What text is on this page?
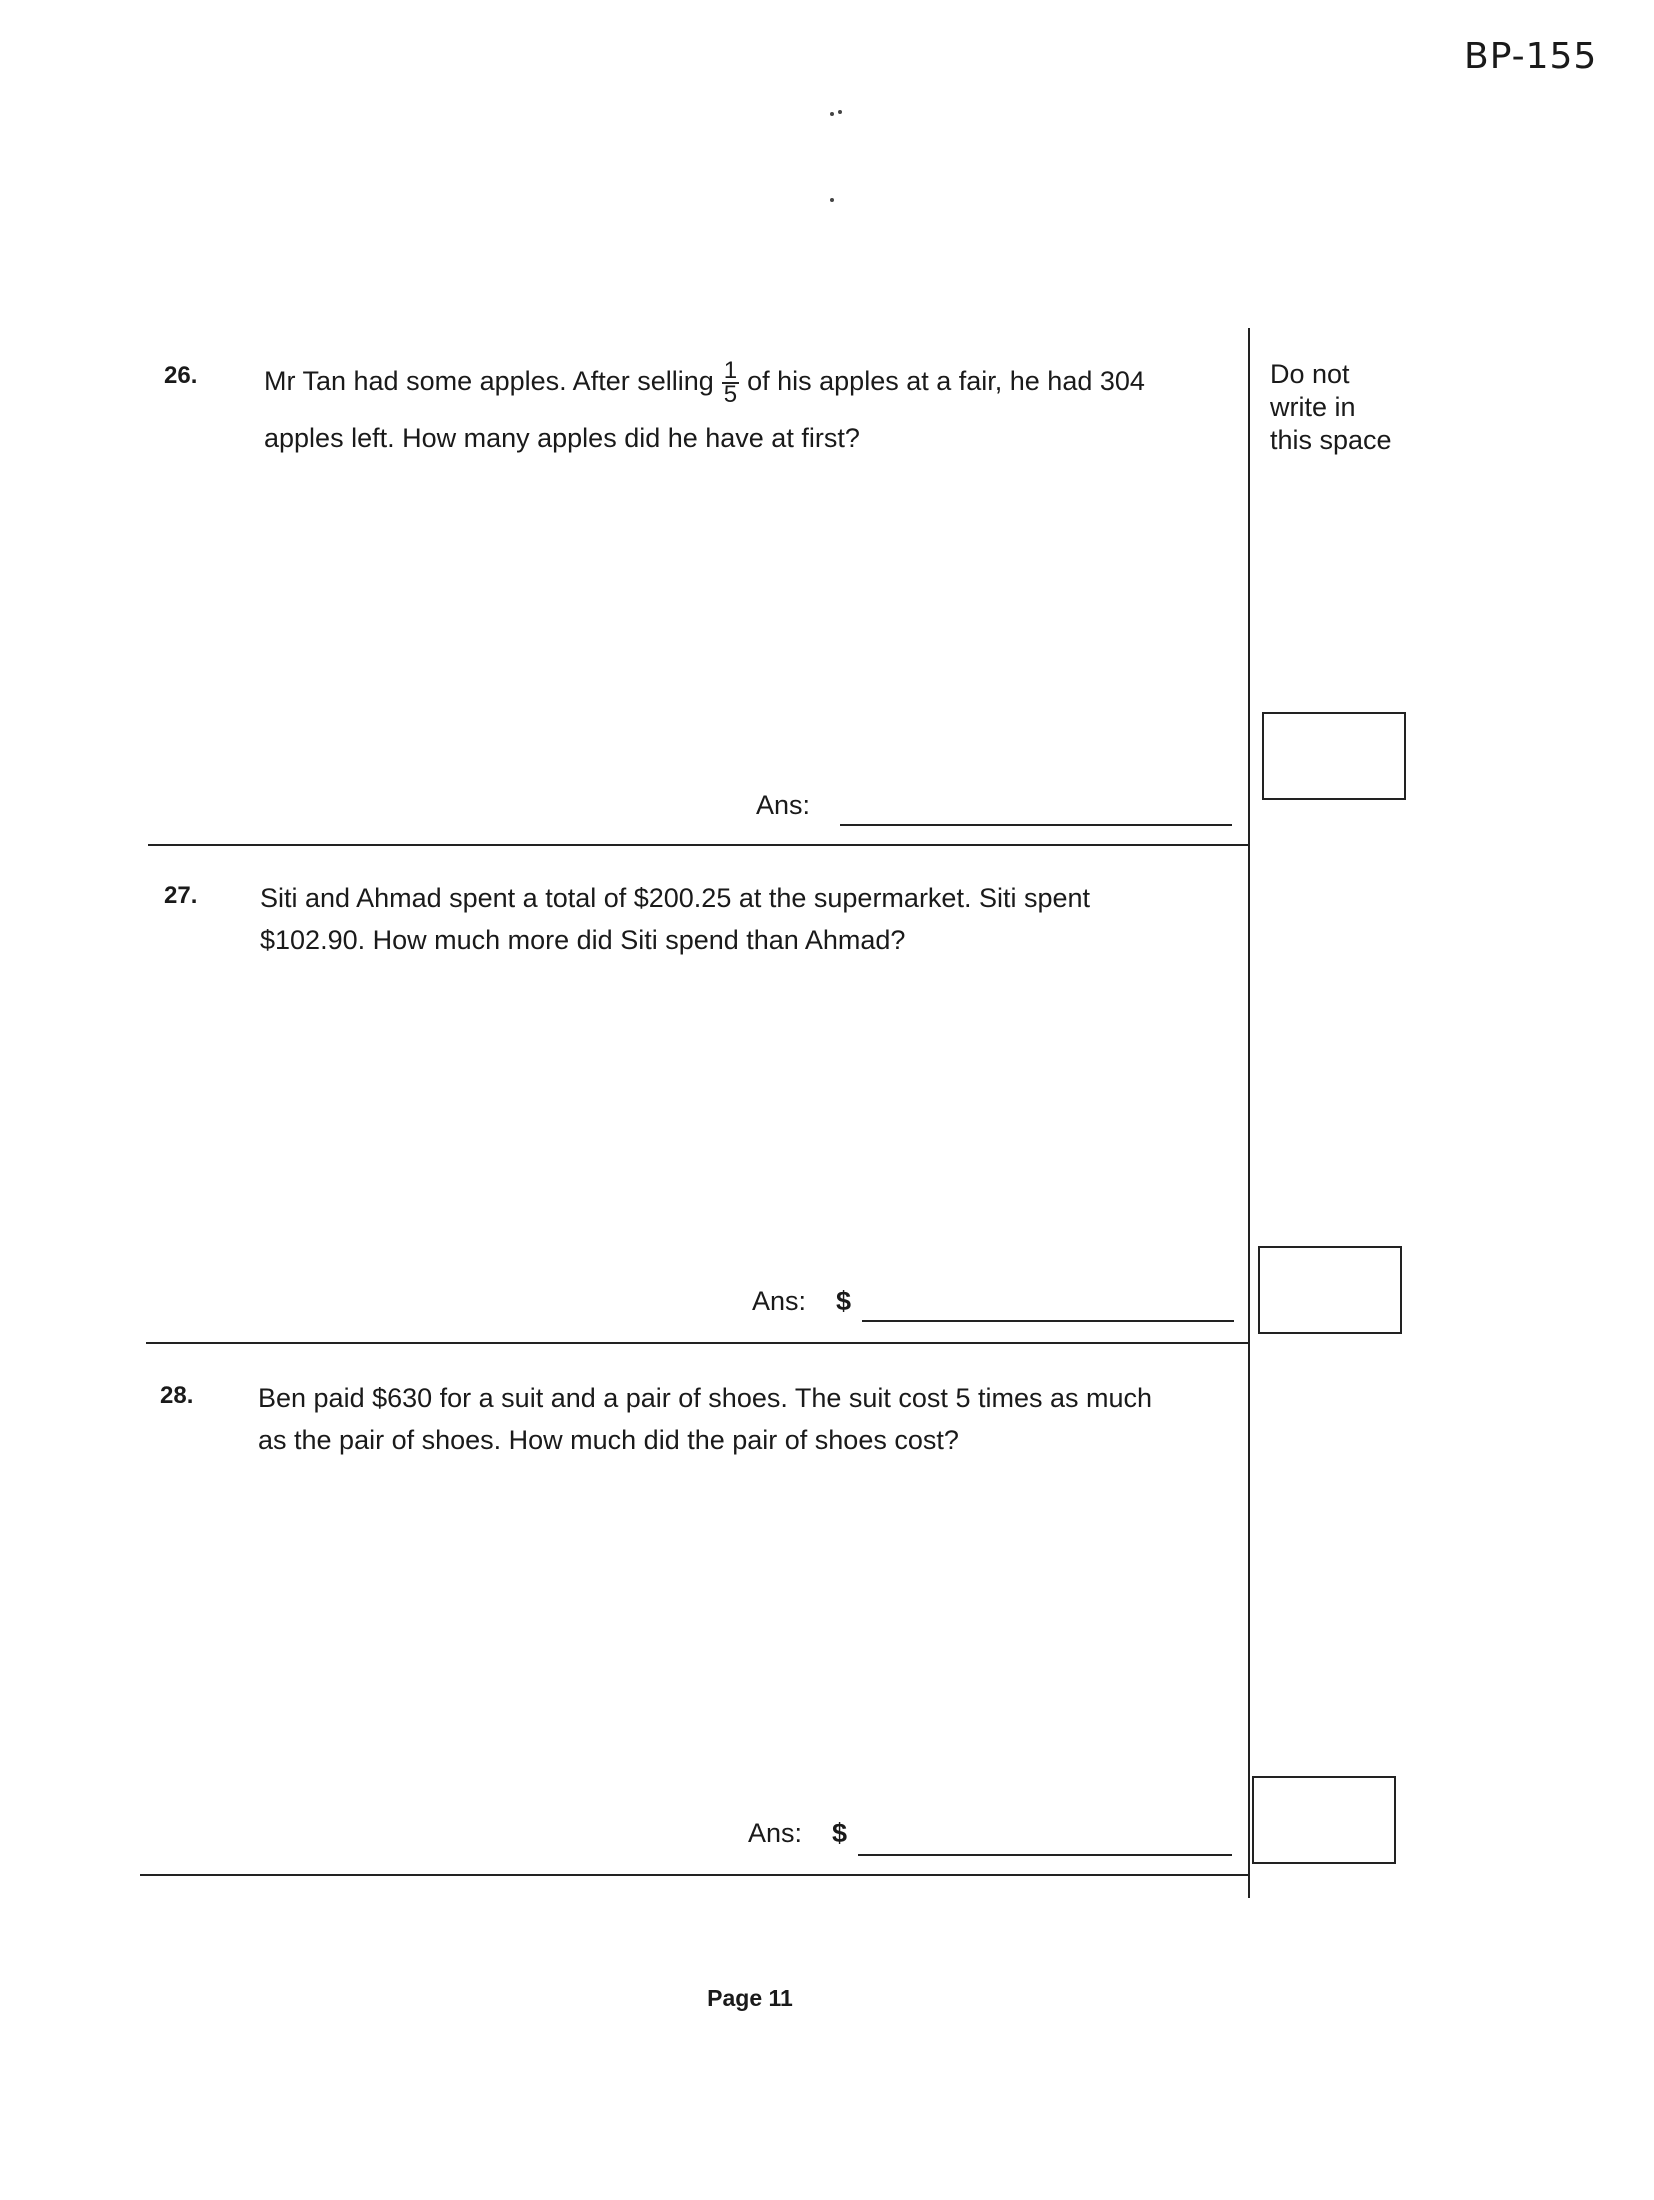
BP-155
Do not
write in
this space
26. Mr Tan had some apples. After selling $\frac{1}{5}$ of his apples at a fair, he had 304
apples left. How many apples did he have at first?
Ans:
27. Siti and Ahmad spent a total of $200.25 at the supermarket. Siti spent
$102.90. How much more did Siti spend than Ahmad?
Ans: $
28. Ben paid $630 for a suit and a pair of shoes. The suit cost 5 times as much
as the pair of shoes. How much did the pair of shoes cost?
Ans: $
Page 11
